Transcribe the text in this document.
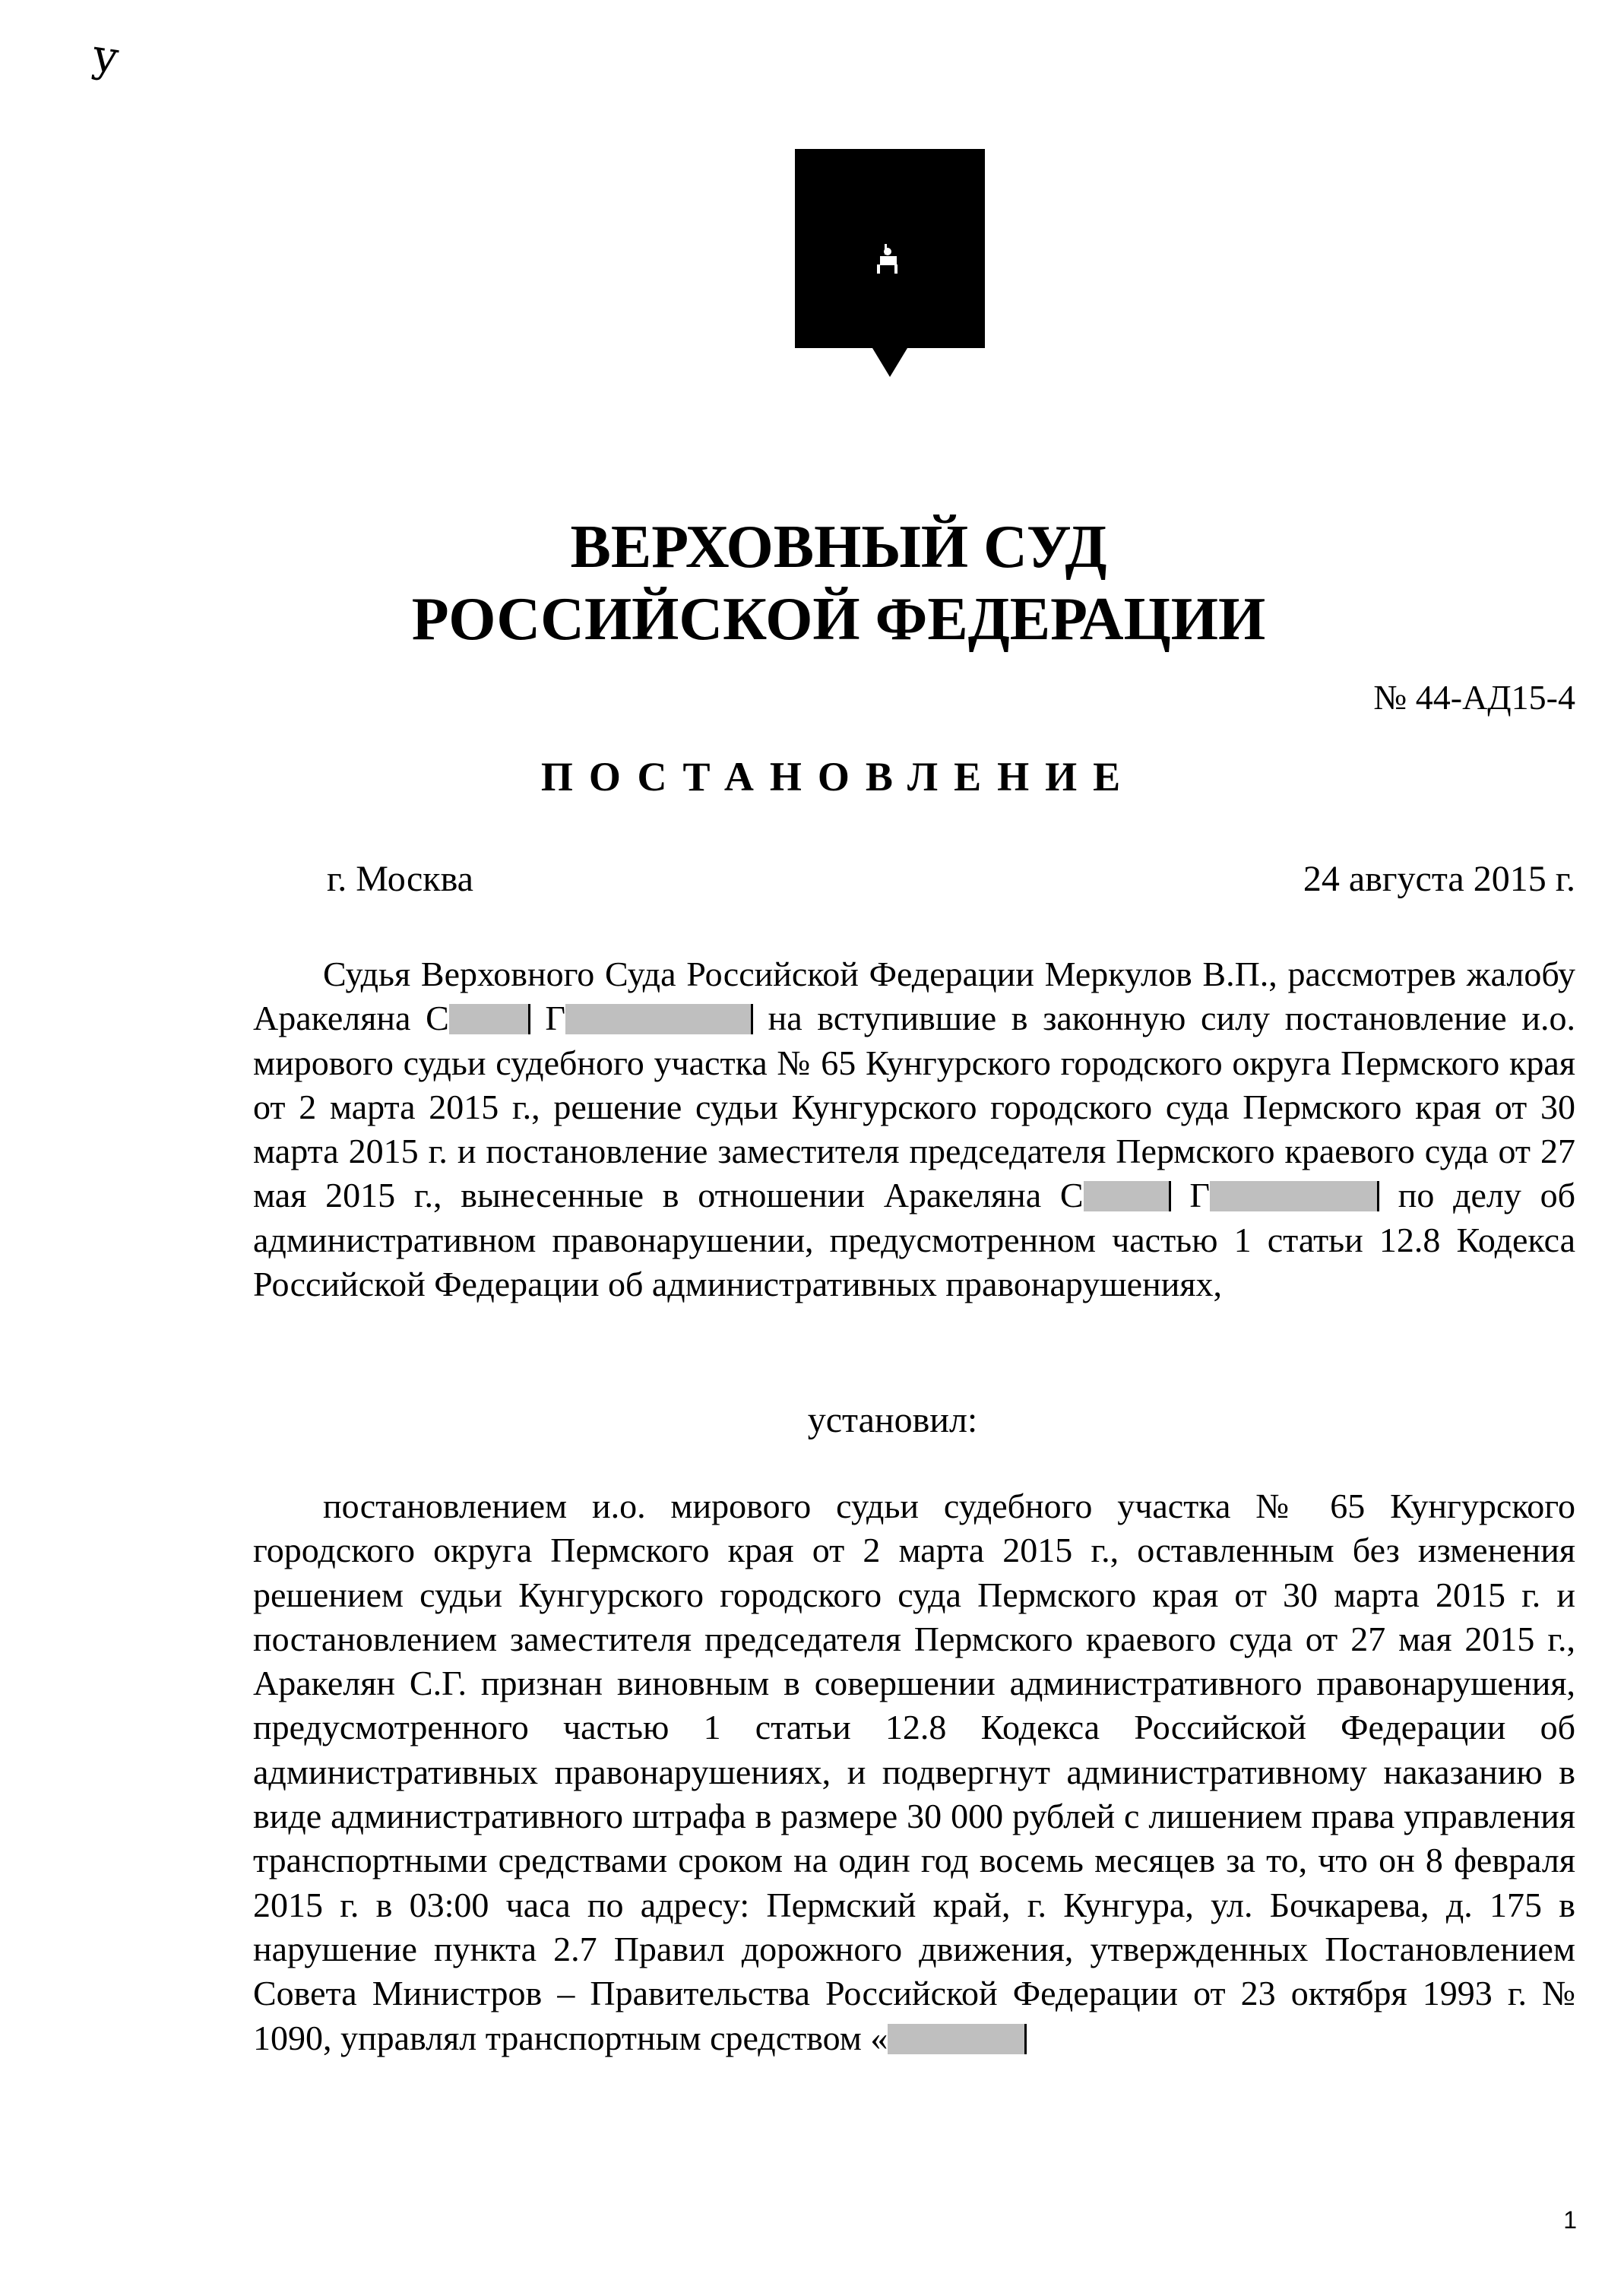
у
ВЕРХОВНЫЙ СУД
РОССИЙСКОЙ ФЕДЕРАЦИИ
№ 44-АД15-4
ПОСТАНОВЛЕНИЕ
г. Москва	24 августа 2015 г.

Судья Верховного Суда Российской Федерации Меркулов В.П., рассмотрев жалобу Аракеляна С Г	на вступившие в законную силу постановление и.о. мирового судьи судебного участка № 65 Кунгурского городского округа Пермского края от 2 марта 2015 г., решение судьи Кунгурского городского суда Пермского края от 30 марта 2015 г. и постановление заместителя председателя Пермского краевого суда от 27 мая 2015 г., вынесенные в отношении Аракеляна С	Г	по делу об административном правонарушении, предусмотренном частью 1 статьи 12.8 Кодекса Российской Федерации об административных правонарушениях,

установил:

постановлением и.о. мирового судьи судебного участка № 65 Кунгурского городского округа Пермского края от 2 марта 2015 г., оставленным без изменения решением судьи Кунгурского городского суда Пермского края от 30 марта 2015 г. и постановлением заместителя председателя Пермского краевого суда от 27 мая 2015 г., Аракелян С.Г. признан виновным в совершении административного правонарушения, предусмотренного частью 1 статьи 12.8 Кодекса Российской Федерации об административных правонарушениях, и подвергнут административному наказанию в виде административного штрафа в размере 30 000 рублей с лишением права управления транспортными средствами сроком на один год восемь месяцев за то, что он 8 февраля 2015 г. в 03:00 часа по адресу: Пермский край, г. Кунгура, ул. Бочкарева, д. 175 в нарушение пункта 2.7 Правил дорожного движения, утвержденных Постановлением Совета Министров – Правительства Российской Федерации от 23 октября 1993 г. № 1090, управлял транспортным средством «

1
